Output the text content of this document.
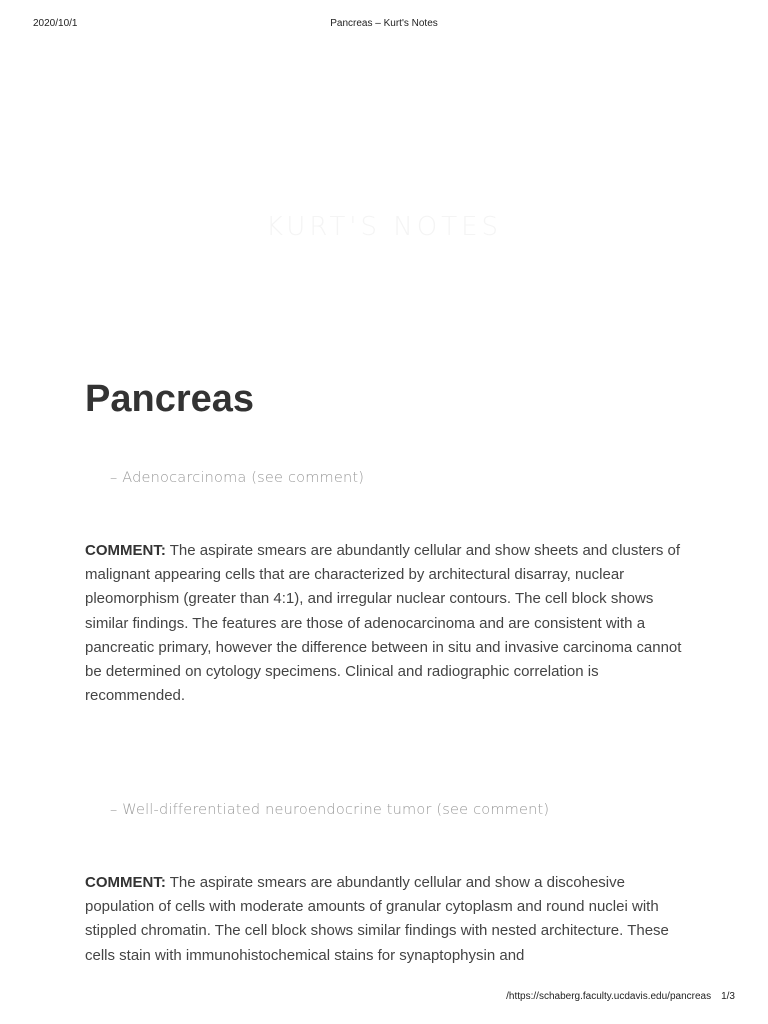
2020/10/1	Pancreas – Kurt's Notes
KURT'S NOTES
Pancreas
– Adenocarcinoma (see comment)

COMMENT: The aspirate smears are abundantly cellular and show sheets and clusters of malignant appearing cells that are characterized by architectural disarray, nuclear pleomorphism (greater than 4:1), and irregular nuclear contours. The cell block shows similar findings. The features are those of adenocarcinoma and are consistent with a pancreatic primary, however the difference between in situ and invasive carcinoma cannot be determined on cytology specimens. Clinical and radiographic correlation is recommended.

– Well-differentiated neuroendocrine tumor (see comment)

COMMENT: The aspirate smears are abundantly cellular and show a discohesive population of cells with moderate amounts of granular cytoplasm and round nuclei with stippled chromatin. The cell block shows similar findings with nested architecture. These cells stain with immunohistochemical stains for synaptophysin and

/https://schaberg.faculty.ucdavis.edu/pancreas 1/3
